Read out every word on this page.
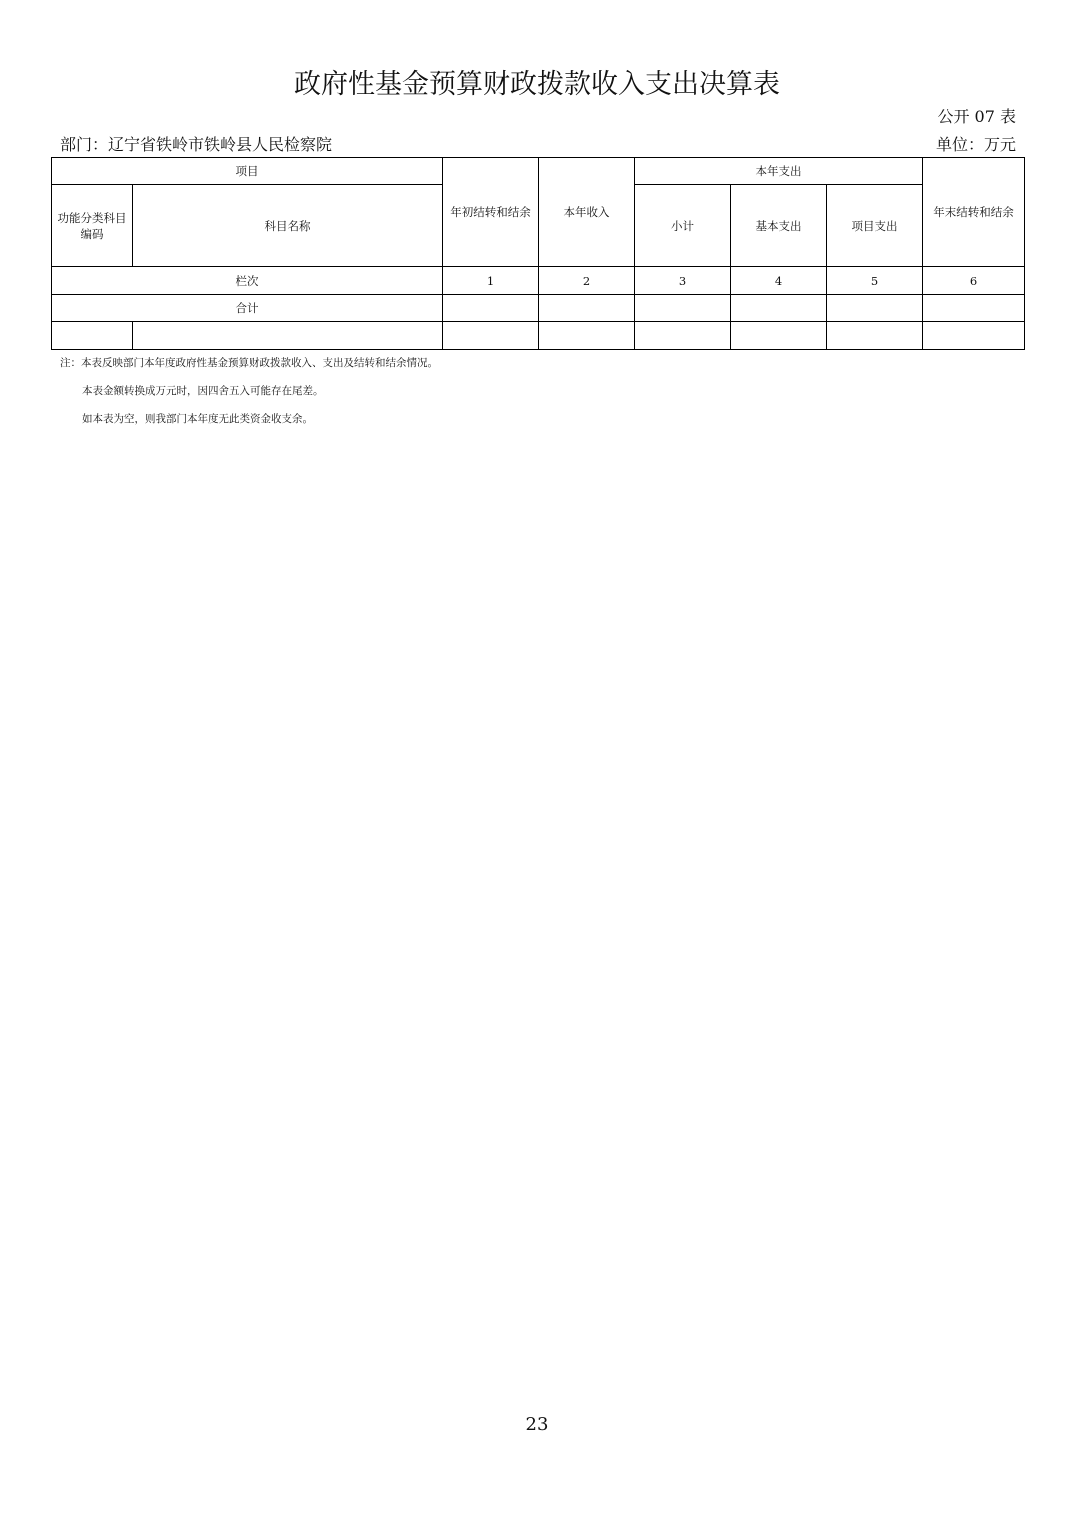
政府性基金预算财政拨款收入支出决算表
公开 07 表
部门：辽宁省铁岭市铁岭县人民检察院	单位：万元
项目		年初结转和结余	本年收入	本年支出			年末结转和结余
功能分类科目编码	科目名称			小计	基本支出	项目支出	
栏次		1	2	3	4	5	6
合计							

注：本表反映部门本年度政府性基金预算财政拨款收入、支出及结转和结余情况。
本表金额转换成万元时，因四舍五入可能存在尾差。
如本表为空，则我部门本年度无此类资金收支余。
23
